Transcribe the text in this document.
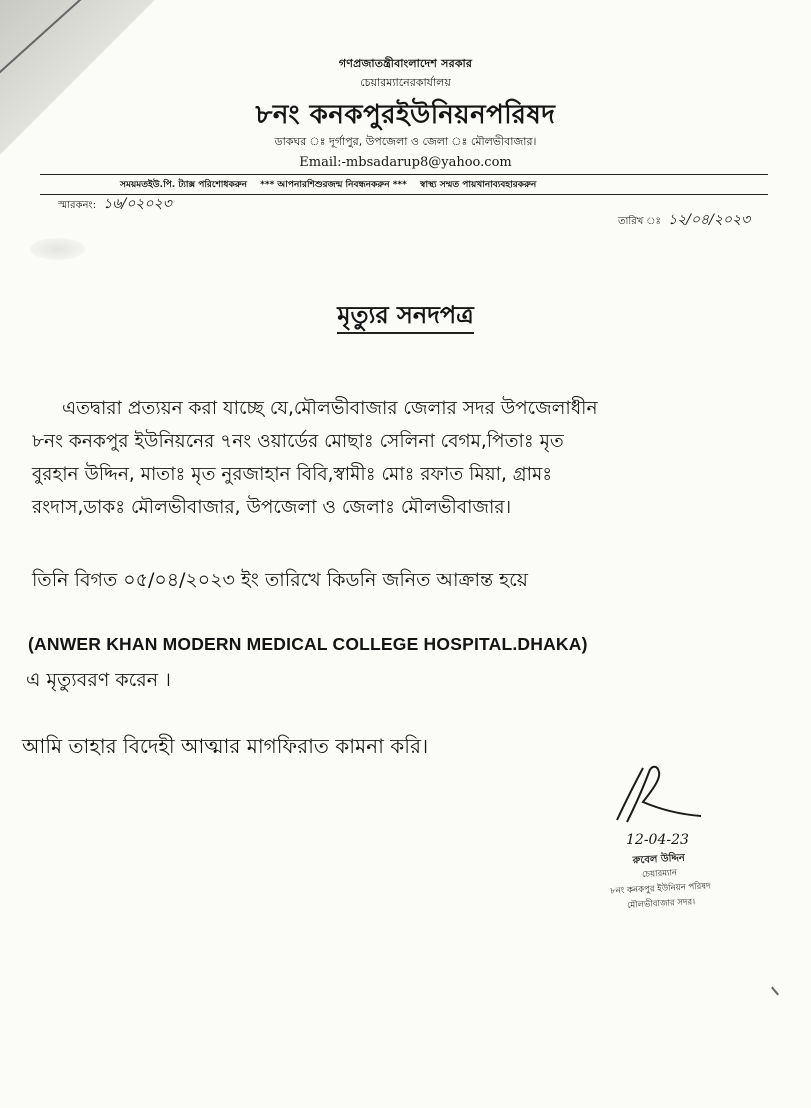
গণপ্রজাতন্ত্রীবাংলাদেশ সরকার
চেয়ারম্যানেরকার্যালয়
৮নং কনকপুরইউনিয়নপরিষদ
ডাকঘর ঃ দূর্গাপুর, উপজেলা ও জেলা ঃ মৌলভীবাজার।
Email:-mbsadarup8@yahoo.com
সময়মতইউ.পি. ট্যাক্স পরিশোধকরুন *** আপনারশিশুরজন্ম নিবন্ধনকরুন *** স্বাস্থ্য সম্মত পায়খানাব্যবহারকরুন
স্মারকনং: ১৬/০২০২৩
তারিখ ঃ ১২/০৪/২০২৩
মৃত্যুর সনদপত্র
এতদ্বারা প্রত্যয়ন করা যাচ্ছে যে,মৌলভীবাজার জেলার সদর উপজেলাধীন
৮নং কনকপুর ইউনিয়নের ৭নং ওয়ার্ডের মোছাঃ সেলিনা বেগম,পিতাঃ মৃত
বুরহান উদ্দিন, মাতাঃ মৃত নুরজাহান বিবি,স্বামীঃ মোঃ রফাত মিয়া, গ্রামঃ
রংদাস,ডাকঃ মৌলভীবাজার, উপজেলা ও জেলাঃ মৌলভীবাজার।
তিনি বিগত ০৫/০৪/২০২৩ ইং তারিখে কিডনি জনিত আক্রান্ত হয়ে
(ANWER KHAN MODERN MEDICAL COLLEGE HOSPITAL.DHAKA)
এ মৃত্যুবরণ করেন ।
আমি তাহার বিদেহী আত্মার মাগফিরাত কামনা করি।
12-04-23
রুবেল উদ্দিন
চেয়ারম্যান
৮নং কনকপুর ইউনিয়ন পরিষদ
মৌলভীবাজার সদর।
